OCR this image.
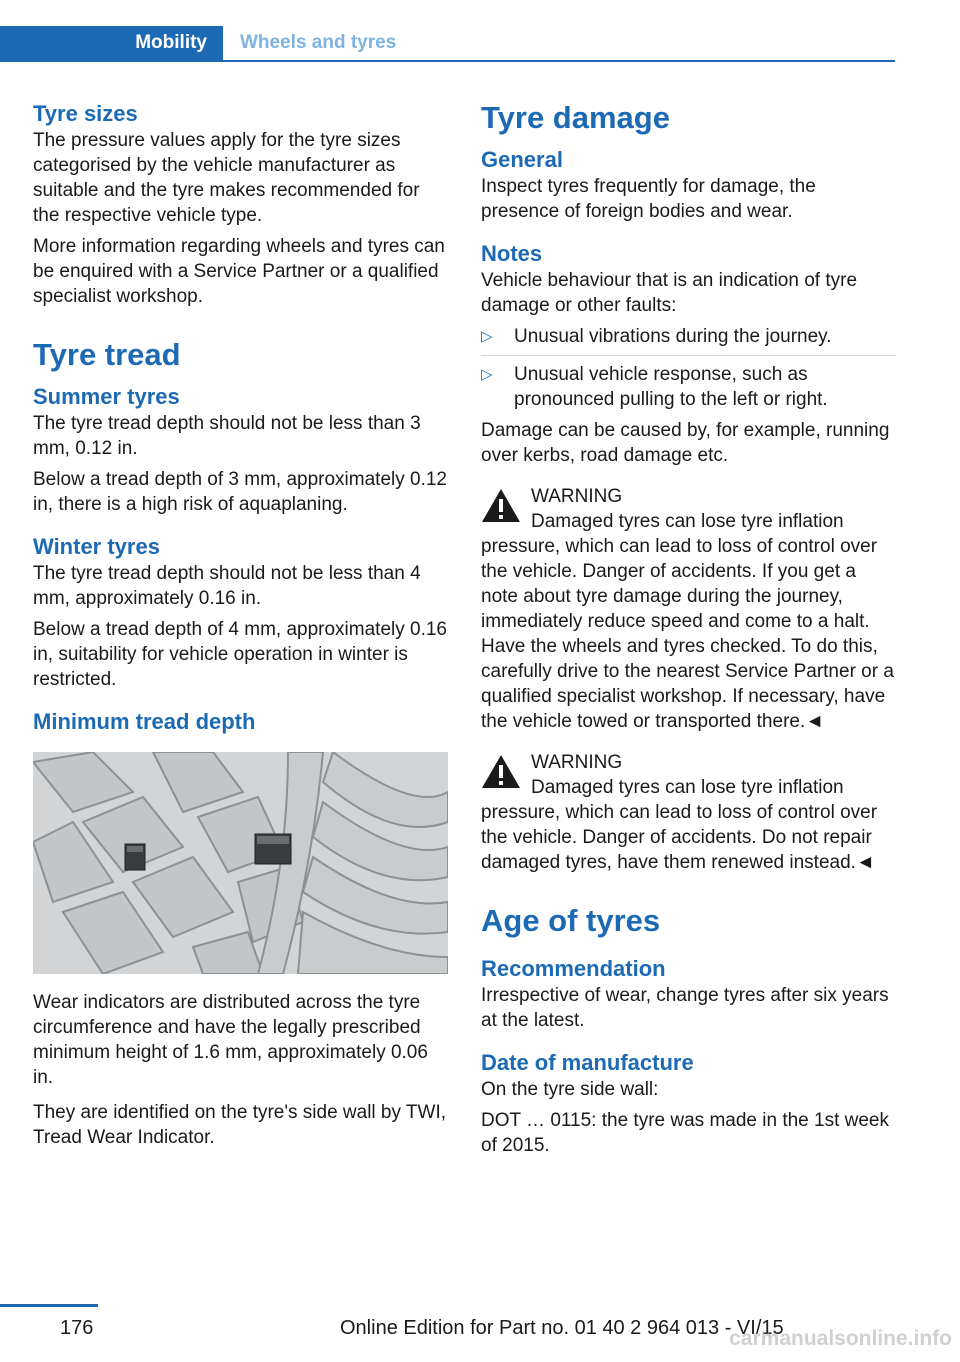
Mobility	Wheels and tyres
Tyre sizes

The pressure values apply for the tyre sizes categorised by the vehicle manufacturer as suitable and the tyre makes recommended for the respective vehicle type.

More information regarding wheels and tyres can be enquired with a Service Partner or a qualified specialist workshop.

Tyre tread
Summer tyres

The tyre tread depth should not be less than 3 mm, 0.12 in.

Below a tread depth of 3 mm, approximately 0.12 in, there is a high risk of aquaplaning.

Winter tyres

The tyre tread depth should not be less than 4 mm, approximately 0.16 in.

Below a tread depth of 4 mm, approximately 0.16 in, suitability for vehicle operation in winter is restricted.

Minimum tread depth

Wear indicators are distributed across the tyre circumference and have the legally prescribed minimum height of 1.6 mm, approximately 0.06 in.

They are identified on the tyre's side wall by TWI, Tread Wear Indicator.

Tyre damage
General

Inspect tyres frequently for damage, the presence of foreign bodies and wear.

Notes

Vehicle behaviour that is an indication of tyre damage or other faults:

▷ Unusual vibrations during the journey.
▷ Unusual vehicle response, such as pronounced pulling to the left or right.

Damage can be caused by, for example, running over kerbs, road damage etc.

WARNING
Damaged tyres can lose tyre inflation
pressure, which can lead to loss of control over the vehicle. Danger of accidents. If you get a note about tyre damage during the journey, immediately reduce speed and come to a halt. Have the wheels and tyres checked. To do this, carefully drive to the nearest Service Partner or a qualified specialist workshop. If necessary, have the vehicle towed or transported there.◄
WARNING
Damaged tyres can lose tyre inflation
pressure, which can lead to loss of control over the vehicle. Danger of accidents. Do not repair damaged tyres, have them renewed instead.◄
Age of tyres
Recommendation

Irrespective of wear, change tyres after six years at the latest.

Date of manufacture

On the tyre side wall:

DOT … 0115: the tyre was made in the 1st week of 2015.

176	Online Edition for Part no. 01 40 2 964 013 - VI/15
carmanualsonline.info
